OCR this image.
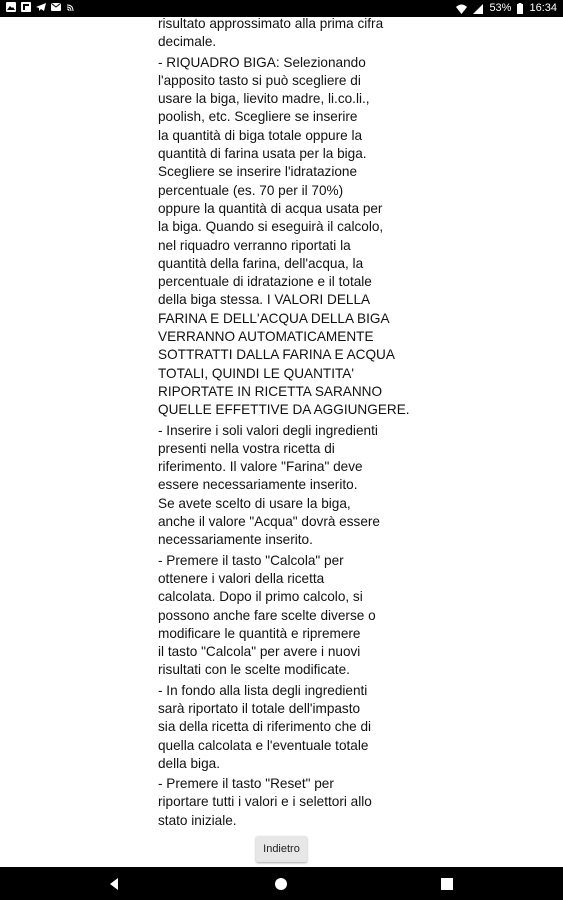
53% 16:34
risultato approssimato alla prima cifra
decimale.
- RIQUADRO BIGA: Selezionando
l'apposito tasto si può scegliere di
usare la biga, lievito madre, li.co.li.,
poolish, etc. Scegliere se inserire
la quantità di biga totale oppure la
quantità di farina usata per la biga.
Scegliere se inserire l'idratazione
percentuale (es. 70 per il 70%)
oppure la quantità di acqua usata per
la biga. Quando si eseguirà il calcolo,
nel riquadro verranno riportati la
quantità della farina, dell'acqua, la
percentuale di idratazione e il totale
della biga stessa. I VALORI DELLA
FARINA E DELL'ACQUA DELLA BIGA
VERRANNO AUTOMATICAMENTE
SOTTRATTI DALLA FARINA E ACQUA
TOTALI, QUINDI LE QUANTITA'
RIPORTATE IN RICETTA SARANNO
QUELLE EFFETTIVE DA AGGIUNGERE.
- Inserire i soli valori degli ingredienti
presenti nella vostra ricetta di
riferimento. Il valore "Farina" deve
essere necessariamente inserito.
Se avete scelto di usare la biga,
anche il valore "Acqua" dovrà essere
necessariamente inserito.
- Premere il tasto "Calcola" per
ottenere i valori della ricetta
calcolata. Dopo il primo calcolo, si
possono anche fare scelte diverse o
modificare le quantità e ripremere
il tasto "Calcola" per avere i nuovi
risultati con le scelte modificate.
- In fondo alla lista degli ingredienti
sarà riportato il totale dell'impasto
sia della ricetta di riferimento che di
quella calcolata e l'eventuale totale
della biga.
- Premere il tasto "Reset" per
riportare tutti i valori e i selettori allo
stato iniziale.
Indietro
